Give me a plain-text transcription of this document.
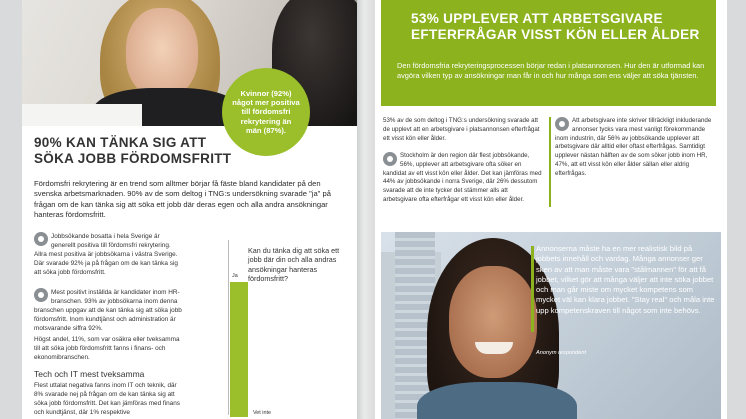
Kvinnor (92%) något mer positiva till fördomsfri rekrytering än män (87%).
90% KAN TÄNKA SIG ATT
SÖKA JOBB FÖRDOMSFRITT

Fördomsfri rekrytering är en trend som alltmer börjar få fäste bland kandidater på den svenska arbetsmarknaden. 90% av de som deltog i TNG:s undersökning svarade "ja" på frågan om de kan tänka sig att söka ett jobb där deras egen och alla andra ansökningar hanteras fördomsfritt.

Jobbsökande bosatta i hela Sverige är generellt positiva till fördomsfri rekrytering. Allra mest positiva är jobbsökarna i västra Sverige. Där svarade 92% ja på frågan om de kan tänka sig att söka jobb fördomsfritt.
Mest positivt inställda är kandidater inom HR-branschen. 93% av jobbsökarna inom denna branschen uppgav att de kan tänka sig att söka jobb fördomsfritt. Inom kundtjänst och administration är motsvarande siffra 92%.

Högst andel, 11%, som var osäkra eller tveksamma till att söka jobb fördomsfritt fanns i finans- och ekonomibranschen.

Tech och IT mest tveksamma

Flest uttalat negativa fanns inom IT och teknik, där 8% svarade nej på frågan om de kan tänka sig att söka jobb fördomsfritt. Det kan jämföras med finans och kundtjänst, där 1% respektive

Ja
Vet inte

Kan du tänka dig att söka ett jobb där din och alla andras ansökningar hanteras fördomsfritt?

53% UPPLEVER ATT ARBETSGIVARE
EFTERFRÅGAR VISST KÖN ELLER ÅLDER

Den fördomsfria rekryteringsprocessen börjar redan i platsannonsen. Hur den är utformad kan avgöra vilken typ av ansökningar man får in och hur många som ens väljer att söka tjänsten.

53% av de som deltog i TNG:s undersökning svarade att de upplevt att en arbetsgivare i platsannonsen efterfrågat ett visst kön eller ålder.

Stockholm är den region där flest jobbsökande, 56%, upplever att arbetsgivare ofta söker en kandidat av ett visst kön eller ålder. Det kan jämföras med 44% av jobbsökande i norra Sverige, där 26% dessutom svarade att de inte tycker det stämmer alls att arbetsgivare ofta efterfrågar ett visst kön eller ålder.
Att arbetsgivare inte skriver tillräckligt inkluderande annonser tycks vara mest vanligt förekommande inom industrin, där 56% av jobbsökande upplever att arbetsgivare där alltid eller oftast efterfrågas. Samtidigt upplever nästan hälften av de som söker jobb inom HR, 47%, att ett visst kön eller ålder sällan eller aldrig efterfrågas.

Annonserna måste ha en mer realistisk bild på jobbets innehåll och vardag. Många annonser ger sken av att man måste vara "stålmannen" för att få jobbet, vilket gör att många väljer att inte söka jobbet och man går miste om mycket kompetens som mycket väl kan klara jobbet. "Stay real" och måla inte upp kompetenskraven till något som inte behövs.

Anonym respondent
